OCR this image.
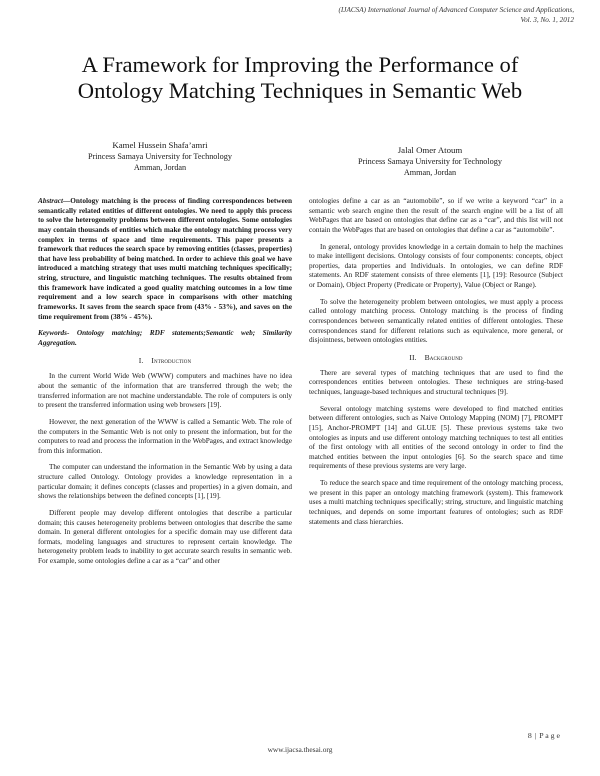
(IJACSA) International Journal of Advanced Computer Science and Applications,
Vol. 3, No. 1, 2012
A Framework for Improving the Performance of
Ontology Matching Techniques in Semantic Web
Kamel Hussein Shafa’amri
Princess Samaya University for Technology
Amman, Jordan
Jalal Omer Atoum
Princess Samaya University for Technology
Amman, Jordan

Abstract—Ontology matching is the process of finding correspondences between semantically related entities of different ontologies. We need to apply this process to solve the heterogeneity problems between different ontologies. Some ontologies may contain thousands of entities which make the ontology matching process very complex in terms of space and time requirements. This paper presents a framework that reduces the search space by removing entities (classes, properties) that have less probability of being matched. In order to achieve this goal we have introduced a matching strategy that uses multi matching techniques specifically; string, structure, and linguistic matching techniques. The results obtained from this framework have indicated a good quality matching outcomes in a low time requirement and a low search space in comparisons with other matching frameworks. It saves from the search space from (43% - 53%), and saves on the time requirement from (38% - 45%).

Keywords- Ontology matching; RDF statements;Semantic web; Similarity Aggregation.

I. Introduction

In the current World Wide Web (WWW) computers and machines have no idea about the semantic of the information that are transferred through the web; the transferred information are not machine understandable. The role of computers is only to present the transferred information using web browsers [19].

However, the next generation of the WWW is called a Semantic Web. The role of the computers in the Semantic Web is not only to present the information, but for the computers to read and process the information in the WebPages, and extract knowledge from this information.

The computer can understand the information in the Semantic Web by using a data structure called Ontology. Ontology provides a knowledge representation in a particular domain; it defines concepts (classes and properties) in a given domain, and shows the relationships between the defined concepts [1], [19].

Different people may develop different ontologies that describe a particular domain; this causes heterogeneity problems between ontologies that describe the same domain. In general different ontologies for a specific domain may use different data formats, modeling languages and structures to represent certain knowledge. The heterogeneity problem leads to inability to get accurate search results in semantic web. For example, some ontologies define a car as a “car” and other

ontologies define a car as an “automobile”, so if we write a keyword “car” in a semantic web search engine then the result of the search engine will be a list of all WebPages that are based on ontologies that define car as a “car”, and this list will not contain the WebPages that are based on ontologies that define a car as “automobile”.

In general, ontology provides knowledge in a certain domain to help the machines to make intelligent decisions. Ontology consists of four components: concepts, object properties, data properties and Individuals. In ontologies, we can define RDF statements. An RDF statement consists of three elements [1], [19]: Resource (Subject or Domain), Object Property (Predicate or Property), Value (Object or Range).

To solve the heterogeneity problem between ontologies, we must apply a process called ontology matching process. Ontology matching is the process of finding correspondences between semantically related entities of different ontologies. These correspondences stand for different relations such as equivalence, more general, or disjointness, between ontologies entities.

II. Background

There are several types of matching techniques that are used to find the correspondences entities between ontologies. These techniques are string-based techniques, language-based techniques and structural techniques [9].

Several ontology matching systems were developed to find matched entities between different ontologies, such as Naive Ontology Mapping (NOM) [7], PROMPT [15], Anchor-PROMPT [14] and GLUE [5]. These previous systems take two ontologies as inputs and use different ontology matching techniques to test all entities of the first ontology with all entities of the second ontology in order to find the matched entities between the input ontologies [6]. So the search space and time requirements of these previous systems are very large.

To reduce the search space and time requirement of the ontology matching process, we present in this paper an ontology matching framework (system). This framework uses a multi matching techniques specifically; string, structure, and linguistic matching techniques, and depends on some important features of ontologies; such as RDF statements and class hierarchies.

8 | P a g e
www.ijacsa.thesai.org
